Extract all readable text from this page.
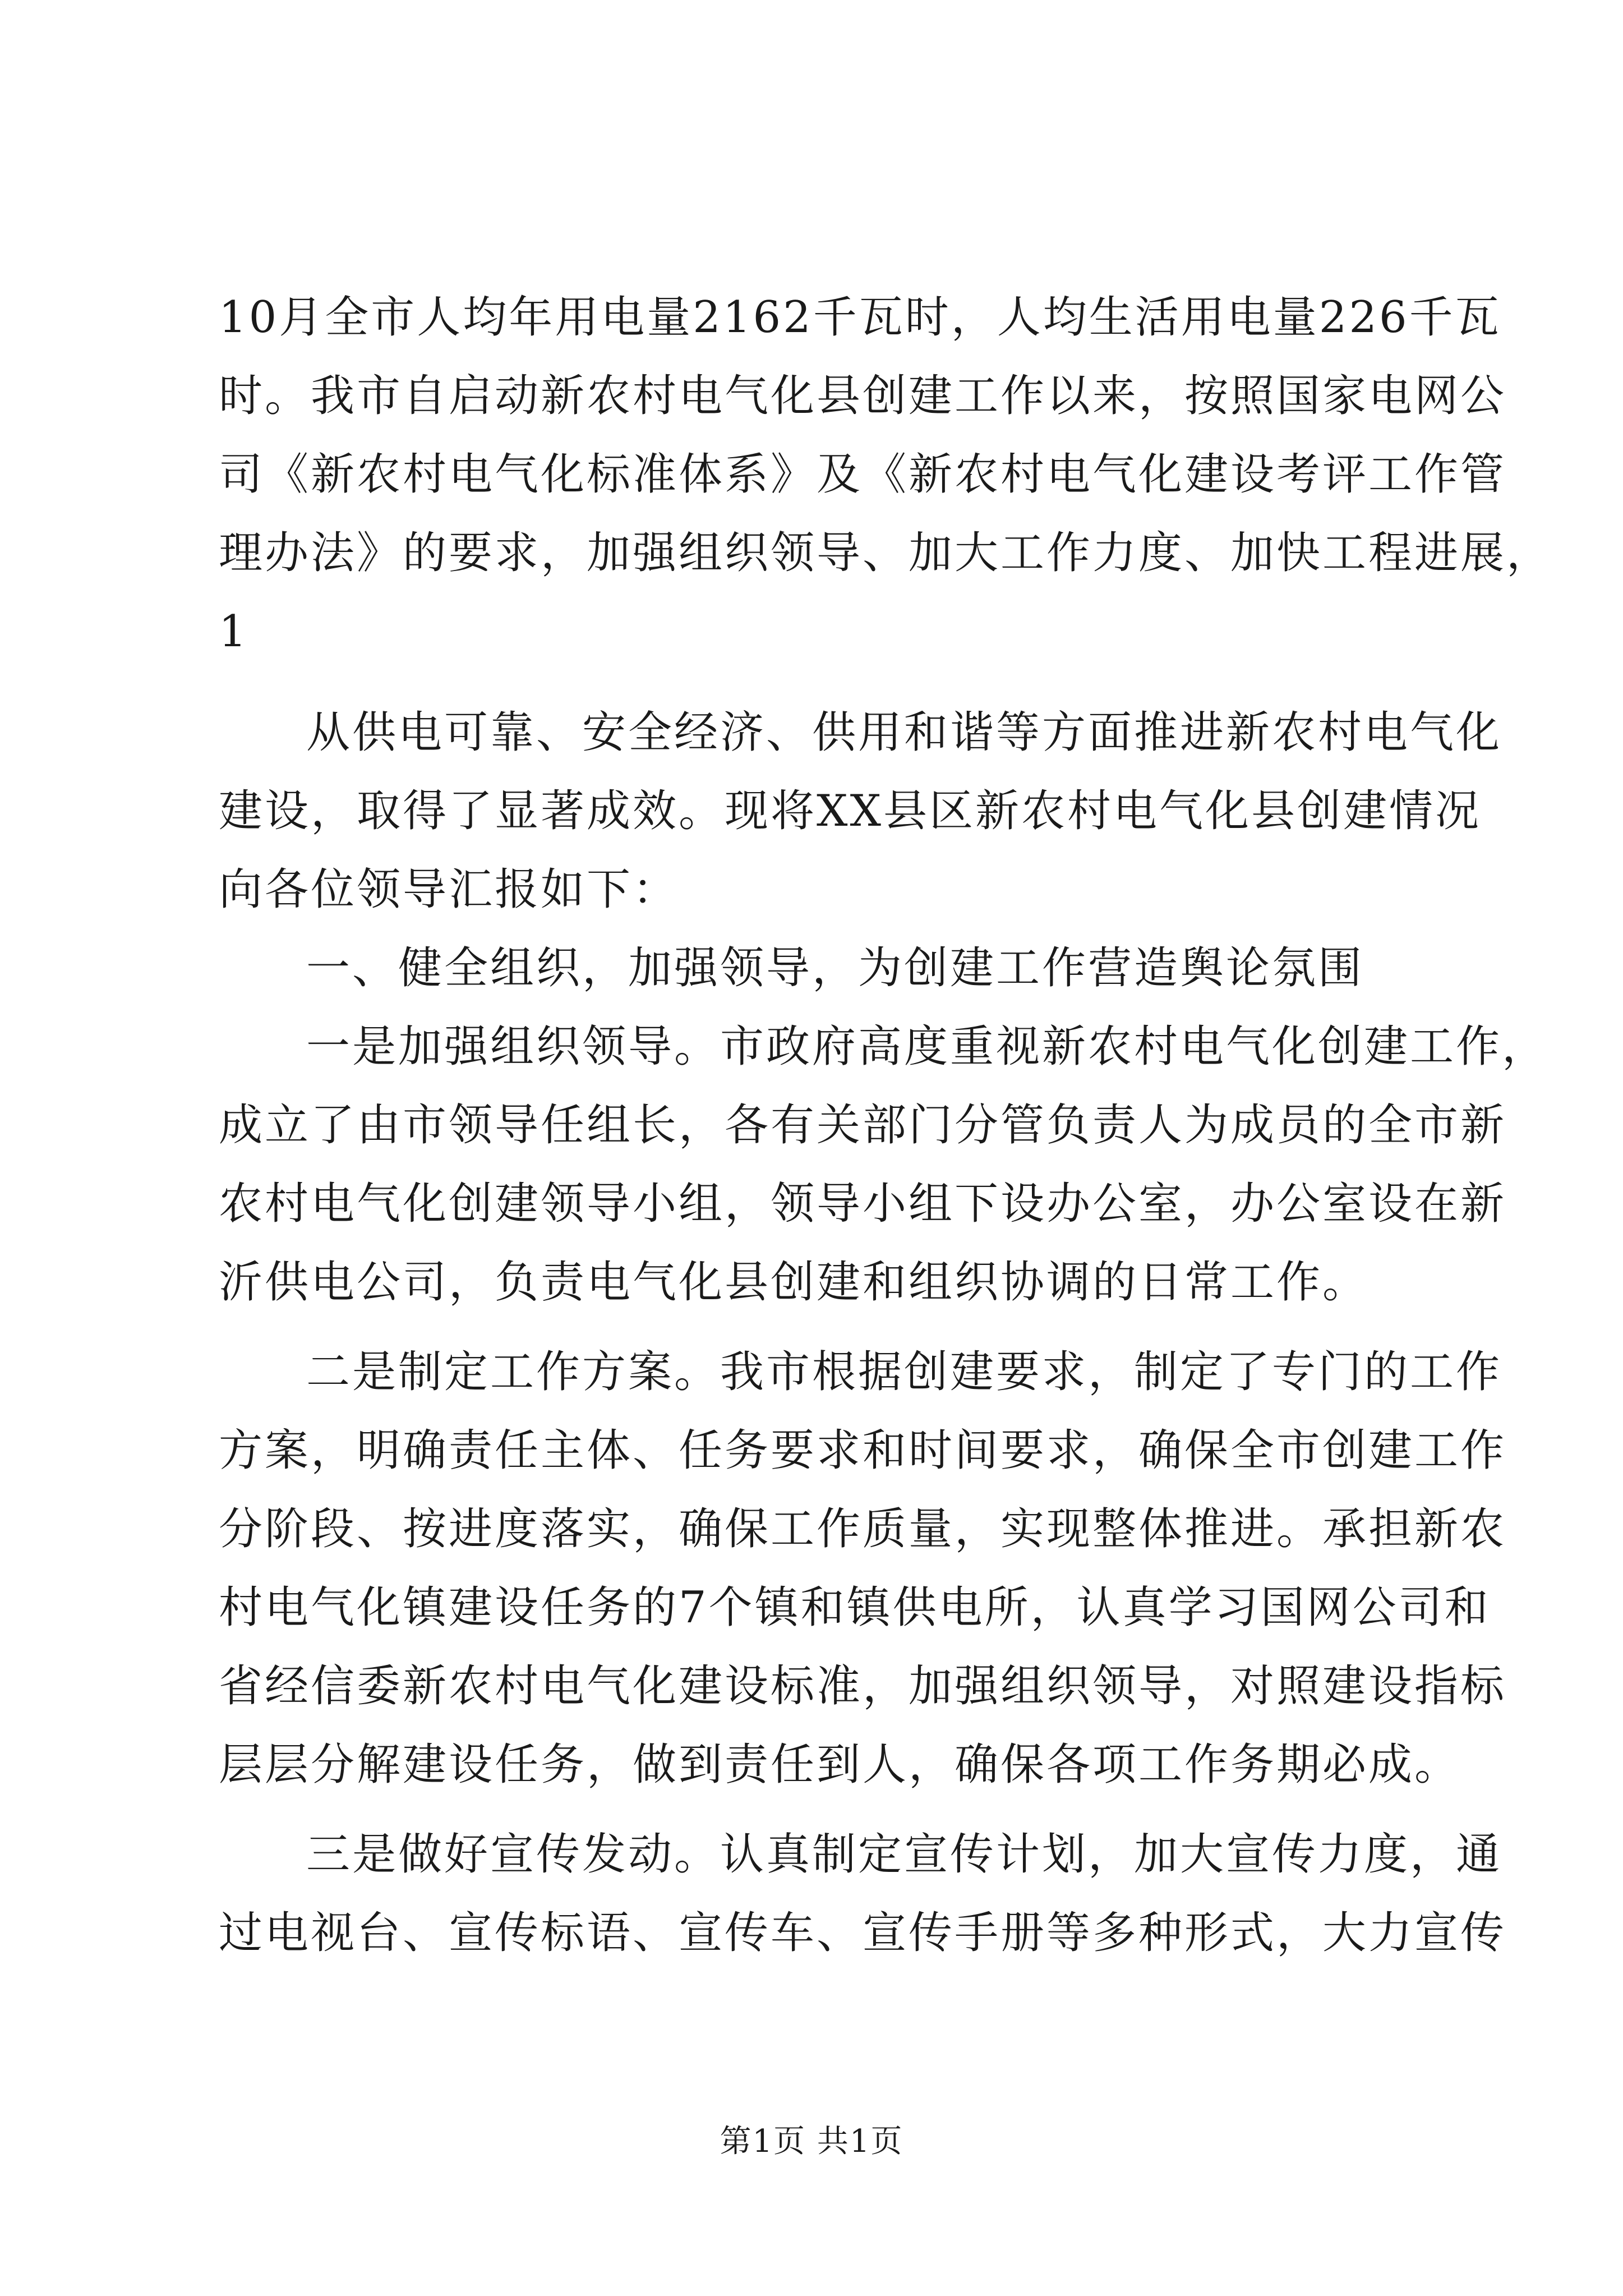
10月全市人均年用电量2162千瓦时，人均生活用电量226千瓦
时。我市自启动新农村电气化县创建工作以来，按照国家电网公
司《新农村电气化标准体系》及《新农村电气化建设考评工作管
理办法》的要求，加强组织领导、加大工作力度、加快工程进展，
1
从供电可靠、安全经济、供用和谐等方面推进新农村电气化
建设，取得了显著成效。现将XX县区新农村电气化县创建情况
向各位领导汇报如下：
一、健全组织，加强领导，为创建工作营造舆论氛围
一是加强组织领导。市政府高度重视新农村电气化创建工作，
成立了由市领导任组长，各有关部门分管负责人为成员的全市新
农村电气化创建领导小组，领导小组下设办公室，办公室设在新
沂供电公司，负责电气化县创建和组织协调的日常工作。
二是制定工作方案。我市根据创建要求，制定了专门的工作
方案，明确责任主体、任务要求和时间要求，确保全市创建工作
分阶段、按进度落实，确保工作质量，实现整体推进。承担新农
村电气化镇建设任务的7个镇和镇供电所，认真学习国网公司和
省经信委新农村电气化建设标准，加强组织领导，对照建设指标
层层分解建设任务，做到责任到人，确保各项工作务期必成。
三是做好宣传发动。认真制定宣传计划，加大宣传力度，通
过电视台、宣传标语、宣传车、宣传手册等多种形式，大力宣传
第1页 共1页
